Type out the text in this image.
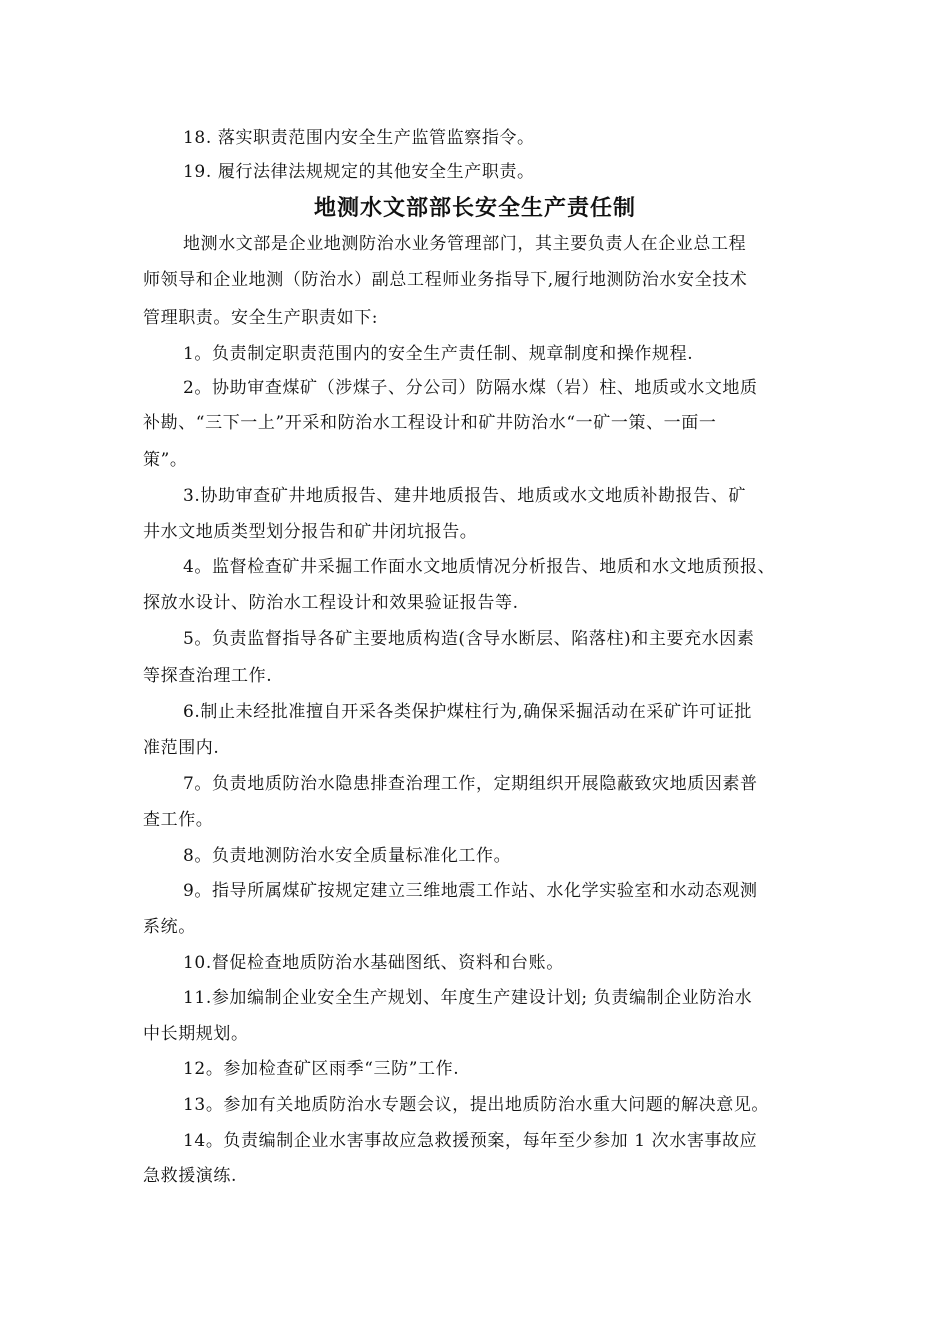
18. 落实职责范围内安全生产监管监察指令。
19. 履行法律法规规定的其他安全生产职责。
地测水文部部长安全生产责任制
地测水文部是企业地测防治水业务管理部门，其主要负责人在企业总工程
师领导和企业地测（防治水）副总工程师业务指导下,履行地测防治水安全技术
管理职责。安全生产职责如下:
1。负责制定职责范围内的安全生产责任制、规章制度和操作规程.
2。协助审查煤矿（涉煤子、分公司）防隔水煤（岩）柱、地质或水文地质
补勘、“三下一上”开采和防治水工程设计和矿井防治水“一矿一策、一面一
策”。
3.协助审查矿井地质报告、建井地质报告、地质或水文地质补勘报告、矿
井水文地质类型划分报告和矿井闭坑报告。
4。监督检查矿井采掘工作面水文地质情况分析报告、地质和水文地质预报、
探放水设计、防治水工程设计和效果验证报告等.
5。负责监督指导各矿主要地质构造(含导水断层、陷落柱)和主要充水因素
等探查治理工作.
6.制止未经批准擅自开采各类保护煤柱行为,确保采掘活动在采矿许可证批
准范围内.
7。负责地质防治水隐患排查治理工作，定期组织开展隐蔽致灾地质因素普
查工作。
8。负责地测防治水安全质量标准化工作。
9。指导所属煤矿按规定建立三维地震工作站、水化学实验室和水动态观测
系统。
10.督促检查地质防治水基础图纸、资料和台账。
11.参加编制企业安全生产规划、年度生产建设计划; 负责编制企业防治水
中长期规划。
12。参加检查矿区雨季“三防”工作.
13。参加有关地质防治水专题会议，提出地质防治水重大问题的解决意见。
14。负责编制企业水害事故应急救援预案，每年至少参加 1 次水害事故应
急救援演练.
